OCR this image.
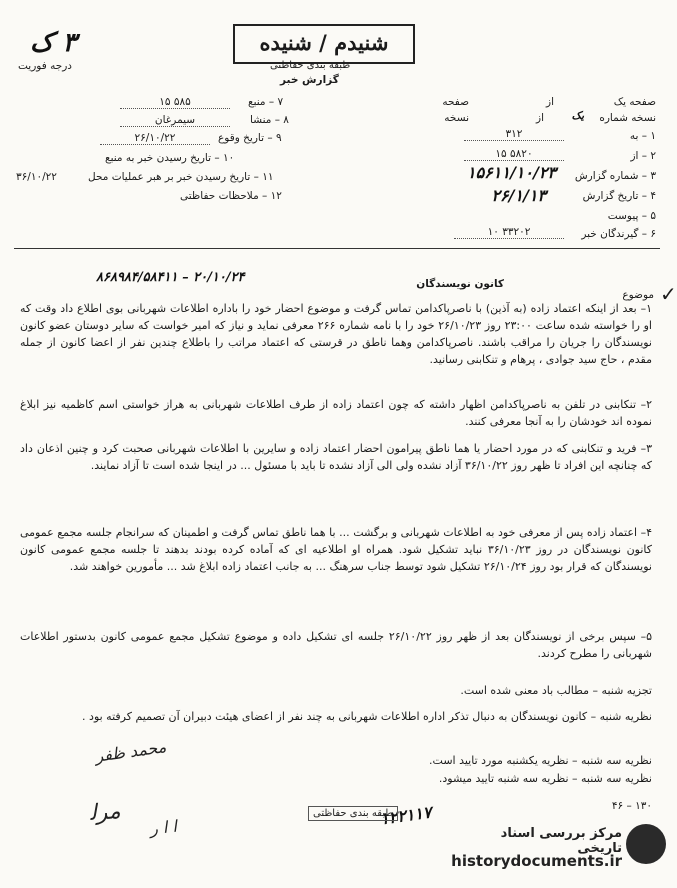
درجه فوریت
۳ ک	شنیدم / شنیده
طبقه بندی حفاظتی
گزارش خبر
صفحه یک
از
صفحه
نسخه شماره
یک
از
نسخه
۱ – به
۳۱۲
۲ – از
۵۸۲۰ ۱۵
۳ – شماره گزارش
۱۵۶۱۱/۱۰/۲۳
۴ – تاریخ گزارش
۲۶/۱/۱۳
۵ – پیوست
۶ – گیرندگان خبر
۳۳۲۰۲ ۱۰
۷ – منبع
۵۸۵ ۱۵
۸ – منشا
سیمرغان
۹ – تاریخ وقوع
۲۶/۱۰/۲۲
۱۰ – تاریخ رسیدن خبر به منبع
۱۱ – تاریخ رسیدن خبر بر هبر عملیات محل
۳۶/۱۰/۲۲
۱۲ – ملاحظات حفاظتی
موضوع
کانون نویسندگان
۲۰/۱۰/۲۴ – ۸۶۸۹۸۴/۵۸۴۱۱
✓
۱– بعد از اینکه اعتماد زاده (به آذین) با ناصرپاکدامن تماس گرفت و موضوع احضار خود را باداره اطلاعات شهربانی بوی اطلاع داد وقت که او را خواسته شده ساعت ۲۳:۰۰ روز ۲۶/۱۰/۲۳ خود را با نامه شماره ۲۶۶ معرفی نماید و نیاز که امیر خواست که سایر دوستان عضو کانون نویسندگان را جریان را مراقب باشند. ناصرپاکدامن وهما ناطق در قرستی که اعتماد مراتب را باطلاع چندین نفر از اعضا کانون از جمله مقدم ، حاج سید جوادی ، پرهام و تنکابنی رسانید.
۲– تنکابنی در تلفن به ناصرپاکدامن اظهار داشته که چون اعتماد زاده از طرف اطلاعات شهربانی به هراز خواستی اسم کاظمیه نیز ابلاغ نموده اند خودشان را به آنجا معرفی کنند.
۳– فرید و تنکابنی که در مورد احضار یا هما ناطق پیرامون احضار اعتماد زاده و سایرین با اطلاعات شهربانی صحبت کرد و چنین اذعان داد که چنانچه این افراد تا ظهر روز ۳۶/۱۰/۲۲ آزاد نشده ولی الی آزاد نشده تا باید با مسئول ... در اینجا شده است تا آزاد نمایند.
۴– اعتماد زاده پس از معرفی خود به اطلاعات شهربانی و برگشت ... با هما ناطق تماس گرفت و اطمینان که سرانجام جلسه مجمع عمومی کانون نویسندگان در روز ۳۶/۱۰/۲۳ نباید تشکیل شود. همراه او اطلاعیه ای که آماده کرده بودند بدهند تا جلسه مجمع عمومی کانون نویسندگان که قرار بود روز ۲۶/۱۰/۲۴ تشکیل شود توسط جناب سرهنگ ... به جانب اعتماد زاده ابلاغ شد ... مأمورین خواهند شد.
۵– سپس برخی از نویسندگان بعد از ظهر روز ۲۶/۱۰/۲۲ جلسه ای تشکیل داده و موضوع تشکیل مجمع عمومی کانون بدستور اطلاعات شهربانی را مطرح کردند.
تجزیه شنبه – مطالب باد معنی شده است.
نظریه شنبه – کانون نویسندگان به دنبال تذکر اداره اطلاعات شهربانی به چند نفر از اعضای هیئت دبیران آن تصمیم کرفته بود .
نظریه سه شنبه – نظریه یکشنبه مورد تایید است.
نظریه سه شنبه – نظریه سه شنبه تایید میشود.
محمد ظفر
ﻣﺮﻟ
ﺍ ﺍ ﺭ
۱۳۰ – ۴۶
۱۲۲۱۱۷
طبقه بندی حفاظتی
مرکز بررسی اسناد تاریخی
historydocuments.ir
